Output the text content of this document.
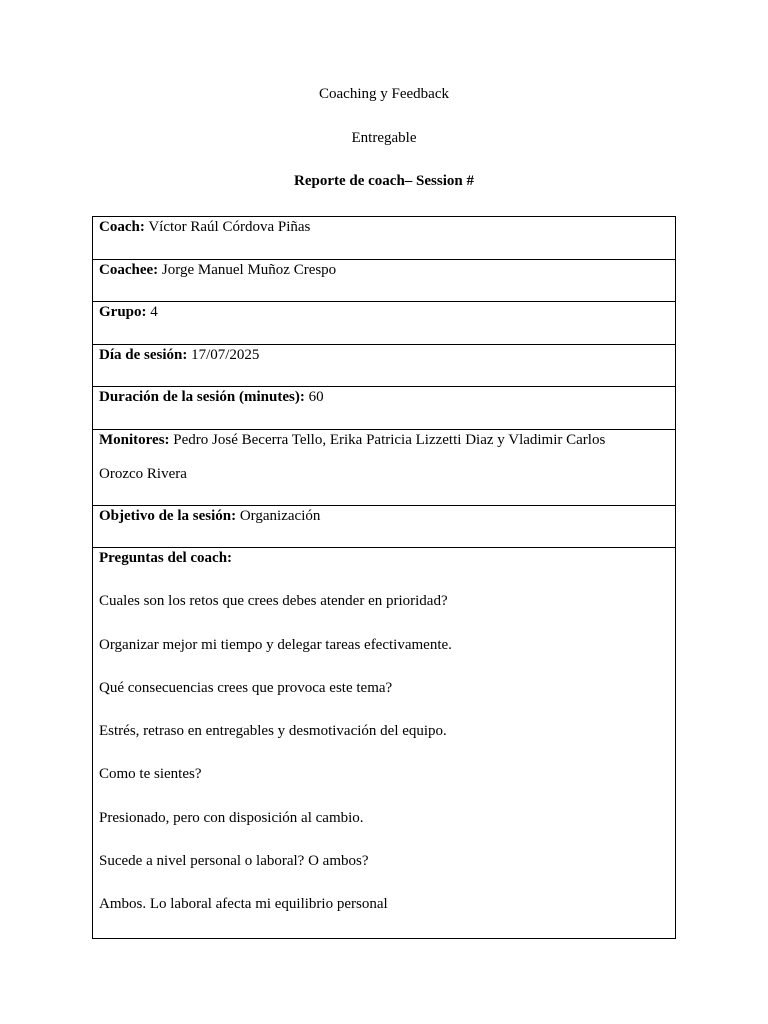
Coaching y Feedback
Entregable
Reporte de coach– Session #
Coach: Víctor Raúl Córdova Piñas
Coachee: Jorge Manuel Muñoz Crespo
Grupo: 4
Día de sesión: 17/07/2025
Duración de la sesión (minutes): 60

Monitores: Pedro José Becerra Tello, Erika Patricia Lizzetti Diaz y Vladimir Carlos
Orozco Rivera
Objetivo de la sesión: Organización

Preguntas del coach:
Cuales son los retos que crees debes atender en prioridad?
Organizar mejor mi tiempo y delegar tareas efectivamente.
Qué consecuencias crees que provoca este tema?
Estrés, retraso en entregables y desmotivación del equipo.
Como te sientes?
Presionado, pero con disposición al cambio.
Sucede a nivel personal o laboral? O ambos?
Ambos. Lo laboral afecta mi equilibrio personal
